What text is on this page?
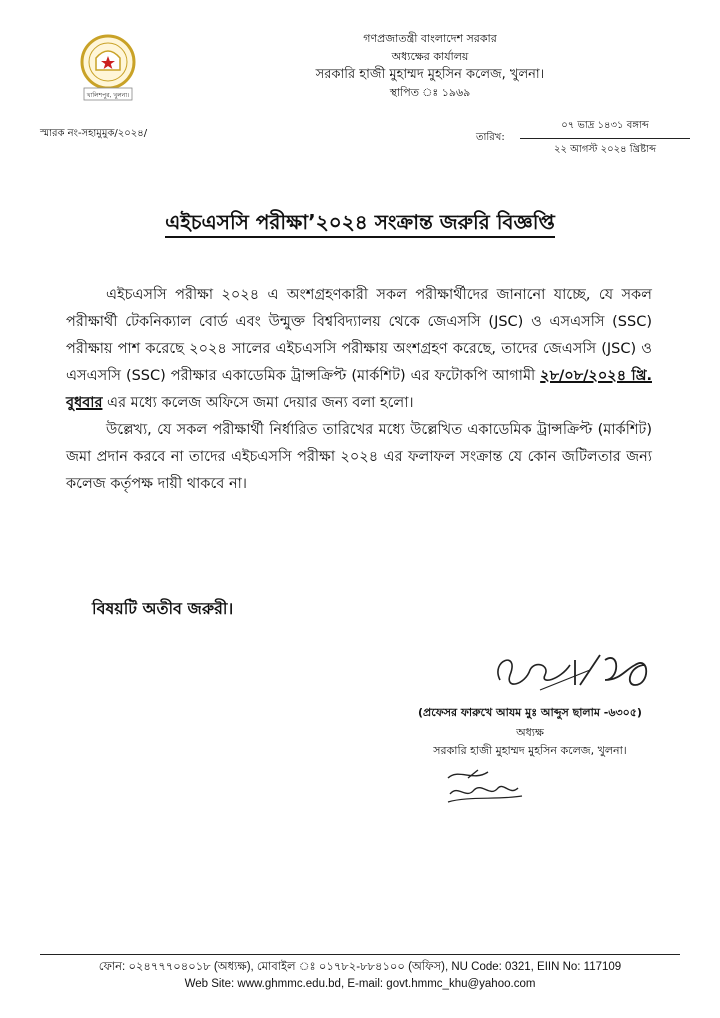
খালিশপুর, খুলনা।
গণপ্রজাতন্ত্রী বাংলাদেশ সরকার
অধ্যক্ষের কার্যালয়
সরকারি হাজী মুহাম্মদ মুহসিন কলেজ, খুলনা।
স্থাপিত ঃ ১৯৬৯
স্মারক নং-সহামুমুক/২০২৪/	তারিখ:
০৭ ভাদ্র ১৪৩১ বঙ্গাব্দ
২২ আগস্ট ২০২৪ খ্রিষ্টাব্দ
এইচএসসি পরীক্ষা’২০২৪ সংক্রান্ত জরুরি বিজ্ঞপ্তি

এইচএসসি পরীক্ষা ২০২৪ এ অংশগ্রহণকারী সকল পরীক্ষার্থীদের জানানো যাচ্ছে, যে সকল পরীক্ষার্থী টেকনিক্যাল বোর্ড এবং উন্মুক্ত বিশ্ববিদ্যালয় থেকে জেএসসি (JSC) ও এসএসসি (SSC) পরীক্ষায় পাশ করেছে ২০২৪ সালের এইচএসসি পরীক্ষায় অংশগ্রহণ করেছে, তাদের জেএসসি (JSC) ও এসএসসি (SSC) পরীক্ষার একাডেমিক ট্রান্সক্রিপ্ট (মার্কশিট) এর ফটোকপি আগামী ২৮/০৮/২০২৪ খ্রি. বুধবার এর মধ্যে কলেজ অফিসে জমা দেয়ার জন্য বলা হলো।

উল্লেখ্য, যে সকল পরীক্ষার্থী নির্ধারিত তারিখের মধ্যে উল্লেখিত একাডেমিক ট্রান্সক্রিপ্ট (মার্কশিট) জমা প্রদান করবে না তাদের এইচএসসি পরীক্ষা ২০২৪ এর ফলাফল সংক্রান্ত যে কোন জটিলতার জন্য কলেজ কর্তৃপক্ষ দায়ী থাকবে না।

বিষয়টি অতীব জরুরী।
(প্রফেসর ফারুখে আযম মুঃ আব্দুস ছালাম -৬৩০৫)
অধ্যক্ষ
সরকারি হাজী মুহাম্মদ মুহসিন কলেজ, খুলনা।
ফোন: ০২৪৭৭৭০৪০১৮ (অধ্যক্ষ), মোবাইল ঃ ০১৭৮২-৮৮৪১০০ (অফিস), NU Code: 0321, EIIN No: 117109
Web Site: www.ghmmc.edu.bd, E-mail: govt.hmmc_khu@yahoo.com
